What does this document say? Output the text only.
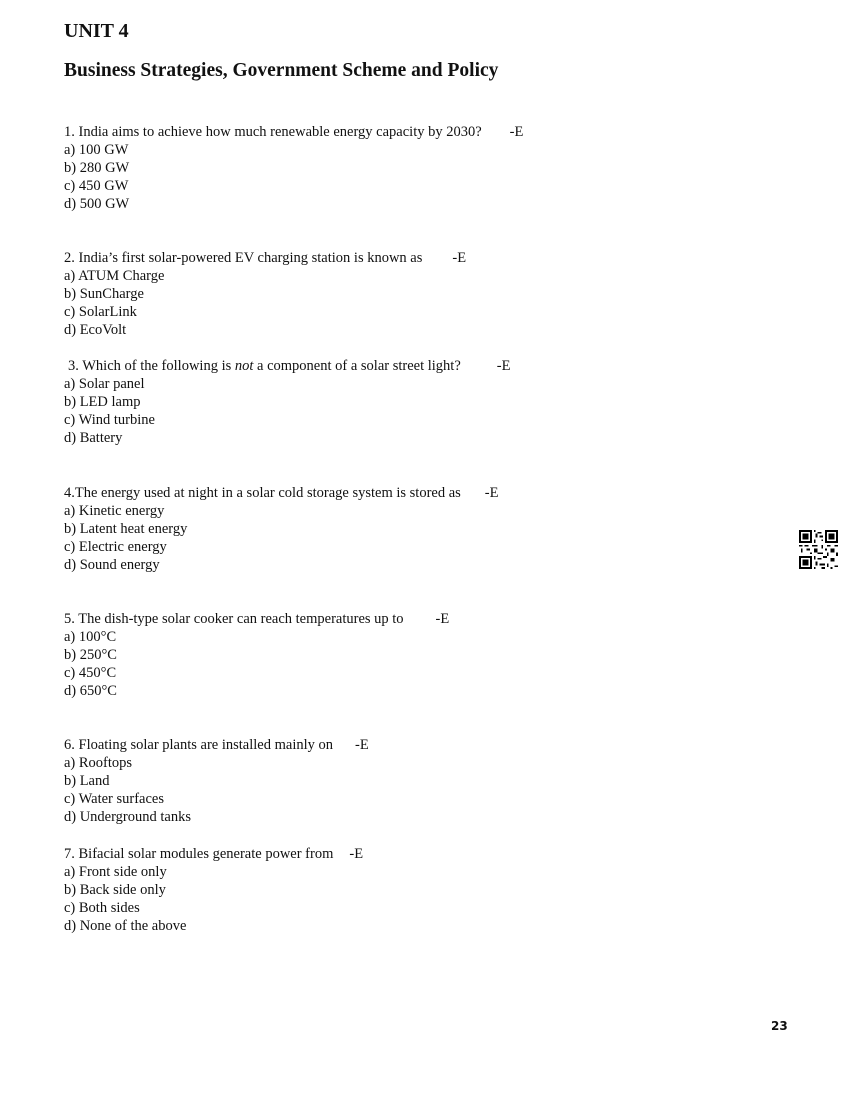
UNIT 4
Business Strategies, Government Scheme and Policy
1. India aims to achieve how much renewable energy capacity by 2030? -E
a) 100 GW
b) 280 GW
c) 450 GW
d) 500 GW
2. India’s first solar-powered EV charging station is known as -E
a) ATUM Charge
b) SunCharge
c) SolarLink
d) EcoVolt
3. Which of the following is not a component of a solar street light? -E
a) Solar panel
b) LED lamp
c) Wind turbine
d) Battery
4.The energy used at night in a solar cold storage system is stored as -E
a) Kinetic energy
b) Latent heat energy
c) Electric energy
d) Sound energy
5. The dish-type solar cooker can reach temperatures up to -E
a) 100°C
b) 250°C
c) 450°C
d) 650°C
6. Floating solar plants are installed mainly on -E
a) Rooftops
b) Land
c) Water surfaces
d) Underground tanks
7. Bifacial solar modules generate power from -E
a) Front side only
b) Back side only
c) Both sides
d) None of the above
23
